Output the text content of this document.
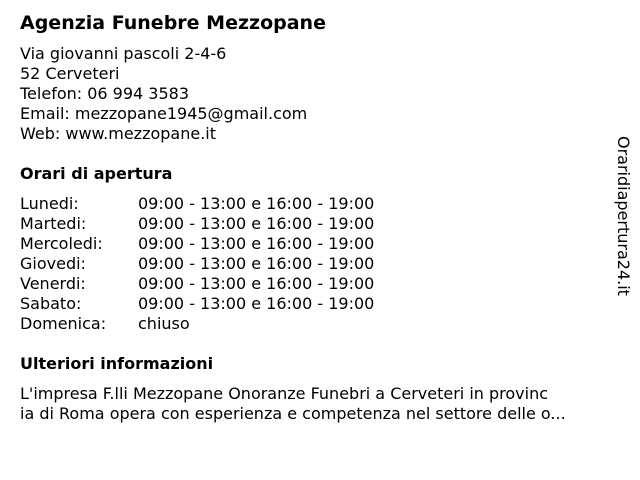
Agenzia Funebre Mezzopane
Via giovanni pascoli 2-4-6
52 Cerveteri
Telefon: 06 994 3583
Email: mezzopane1945@gmail.com
Web: www.mezzopane.it
Orari di apertura
Lunedi:	09:00 - 13:00 e 16:00 - 19:00
Martedi:	09:00 - 13:00 e 16:00 - 19:00
Mercoledi: 09:00 - 13:00 e 16:00 - 19:00
Giovedi:	09:00 - 13:00 e 16:00 - 19:00
Venerdi:	09:00 - 13:00 e 16:00 - 19:00
Sabato:	09:00 - 13:00 e 16:00 - 19:00
Domenica: chiuso
Ulteriori informazioni
L'impresa F.lli Mezzopane Onoranze Funebri a Cerveteri in provinc
ia di Roma opera con esperienza e competenza nel settore delle o...
Oraridiapertura24.it
